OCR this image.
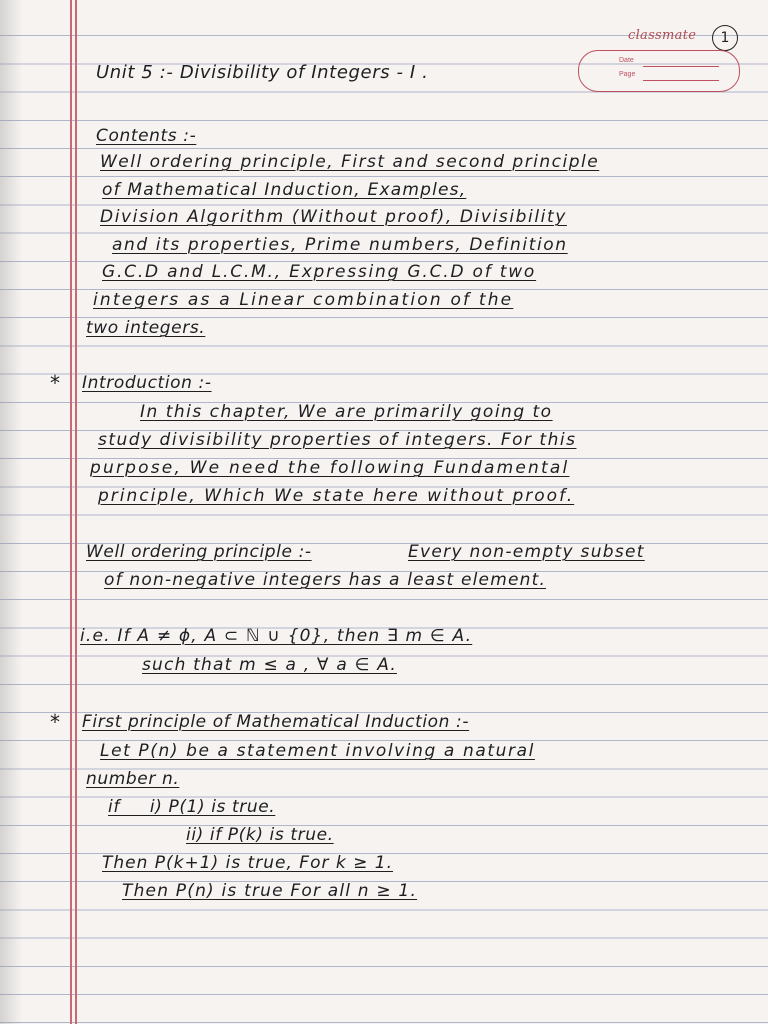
classmate	1
Date
Page
Unit 5 :- Divisibility of Integers - I .
Contents :-
Well ordering principle, First and second principle
of Mathematical Induction, Examples,
Division Algorithm (Without proof), Divisibility
and its properties, Prime numbers, Definition
G.C.D and L.C.M., Expressing G.C.D of two
integers as a Linear combination of the
two integers.
* Introduction :-
In this chapter, We are primarily going to
study divisibility properties of integers. For this
purpose, We need the following Fundamental
principle, Which We state here without proof.
Well ordering principle :-	Every non-empty subset
of non-negative integers has a least element.
i.e. If A ≠ ϕ, A ⊂ ℕ ∪ {0}, then ∃ m ∈ A.
such that m ≤ a , ∀ a ∈ A.
* First principle of Mathematical Induction :-
Let P(n) be a statement involving a natural
number n.
if     i) P(1) is true.
ii) if P(k) is true.
Then P(k+1) is true, For k ≥ 1.
Then P(n) is true For all n ≥ 1.
